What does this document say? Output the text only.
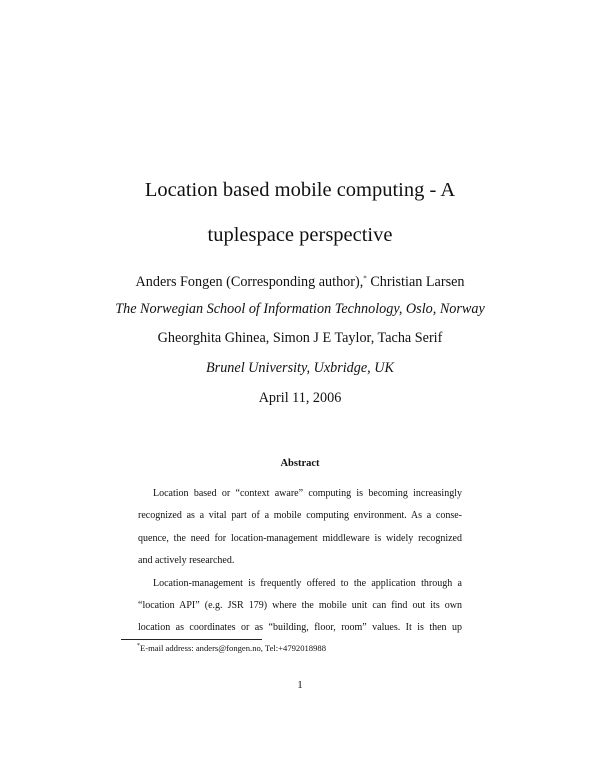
Location based mobile computing - A
tuplespace perspective
Anders Fongen (Corresponding author),* Christian Larsen
The Norwegian School of Information Technology, Oslo, Norway
Gheorghita Ghinea, Simon J E Taylor, Tacha Serif
Brunel University, Uxbridge, UK
April 11, 2006
Abstract
Location based or “context aware” computing is becoming increasingly
recognized as a vital part of a mobile computing environment. As a conse-
quence, the need for location-management middleware is widely recognized
and actively researched.
Location-management is frequently offered to the application through a
“location API” (e.g. JSR 179) where the mobile unit can find out its own
location as coordinates or as “building, floor, room” values. It is then up
*E-mail address: anders@fongen.no, Tel:+4792018988
1
